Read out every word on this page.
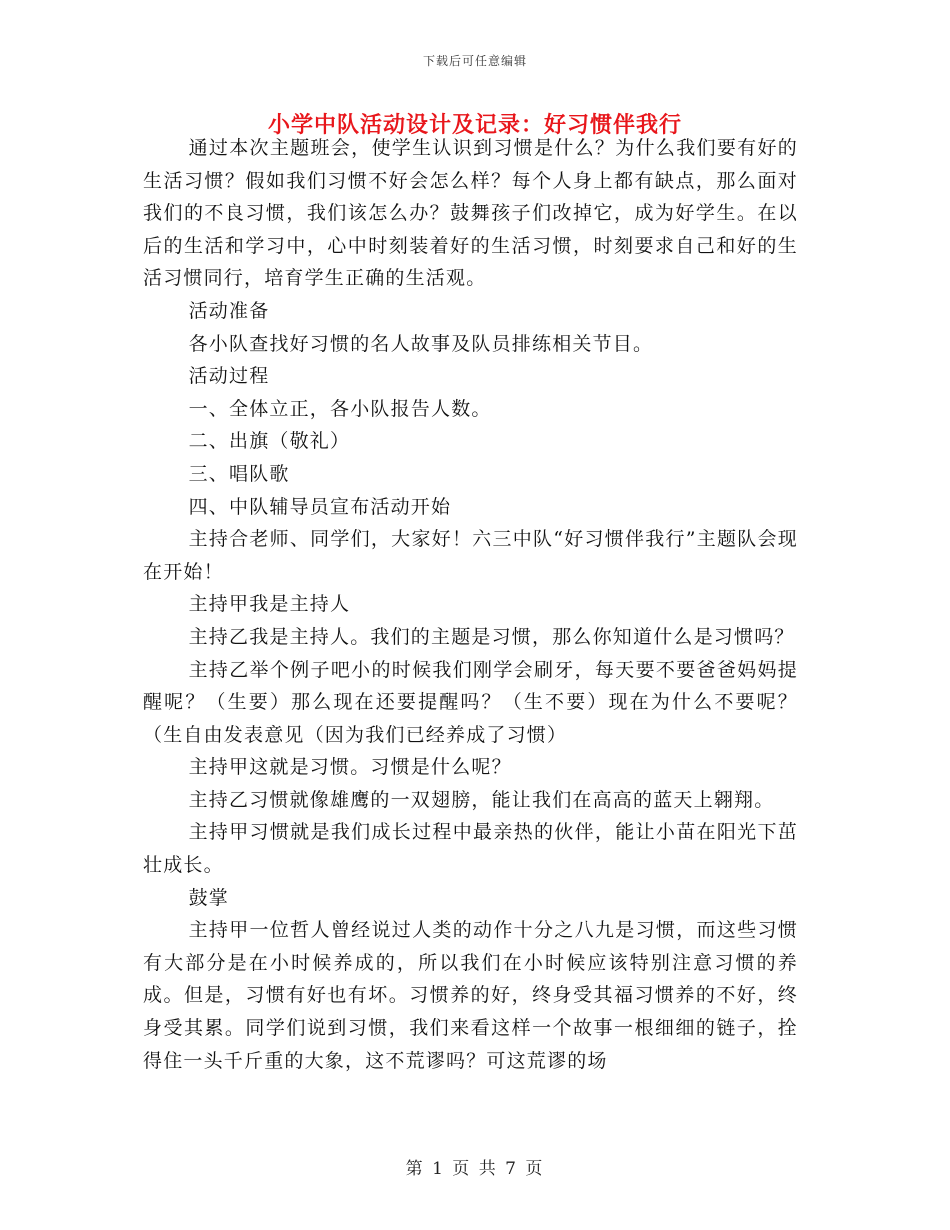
下载后可任意编辑
小学中队活动设计及记录：好习惯伴我行

通过本次主题班会，使学生认识到习惯是什么？为什么我们要有好的生活习惯？假如我们习惯不好会怎么样？每个人身上都有缺点，那么面对我们的不良习惯，我们该怎么办？鼓舞孩子们改掉它，成为好学生。在以后的生活和学习中，心中时刻装着好的生活习惯，时刻要求自己和好的生活习惯同行，培育学生正确的生活观。

活动准备

各小队查找好习惯的名人故事及队员排练相关节目。

活动过程

一、全体立正，各小队报告人数。

二、出旗（敬礼）

三、唱队歌

四、中队辅导员宣布活动开始

主持合老师、同学们，大家好！六三中队“好习惯伴我行”主题队会现在开始！

主持甲我是主持人

主持乙我是主持人。我们的主题是习惯，那么你知道什么是习惯吗？

主持乙举个例子吧小的时候我们刚学会刷牙，每天要不要爸爸妈妈提醒呢？（生要）那么现在还要提醒吗？（生不要）现在为什么不要呢？（生自由发表意见（因为我们已经养成了习惯）

主持甲这就是习惯。习惯是什么呢？

主持乙习惯就像雄鹰的一双翅膀，能让我们在高高的蓝天上翱翔。

主持甲习惯就是我们成长过程中最亲热的伙伴，能让小苗在阳光下茁壮成长。

鼓掌

主持甲一位哲人曾经说过人类的动作十分之八九是习惯，而这些习惯有大部分是在小时候养成的，所以我们在小时候应该特别注意习惯的养成。但是，习惯有好也有坏。习惯养的好，终身受其福习惯养的不好，终身受其累。同学们说到习惯，我们来看这样一个故事一根细细的链子，拴得住一头千斤重的大象，这不荒谬吗？可这荒谬的场

第 1 页 共 7 页
